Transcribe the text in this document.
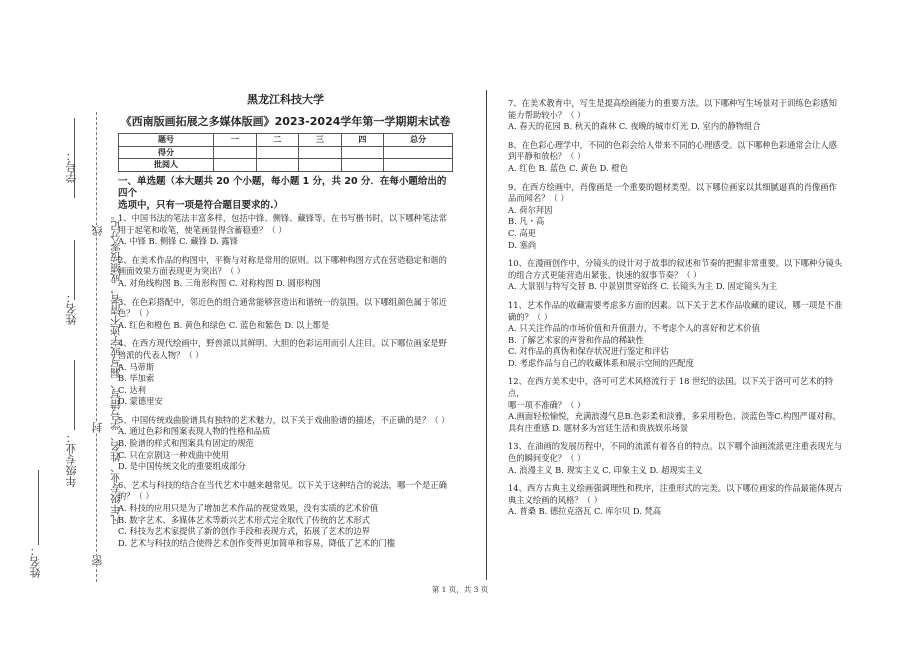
学号：
姓名：
年级专业：
姓名：
凡年级专业、姓名、学号错写、漏写或字迹不清者，成绩按零分记。
密
封
线
黑龙江科技大学
《西南版画拓展之多媒体版画》2023-2024学年第一学期期末试卷
题号	一	二	三	四	总分
得分					
批阅人					
一、单选题（本大题共 20 个小题，每小题 1 分，共 20 分．在每小题给出的四个
选项中，只有一项是符合题目要求的.）
1、中国书法的笔法丰富多样，包括中锋、侧锋、藏锋等。在书写楷书时，以下哪种笔法常
用于起笔和收笔，使笔画显得含蓄稳重？（ ）
A. 中锋 B. 侧锋 C. 藏锋 D. 露锋
2、在美术作品的构图中，平衡与对称是常用的原则。以下哪种构图方式在营造稳定和谐的
画面效果方面表现更为突出？（ ）
A. 对角线构图 B. 三角形构图 C. 对称构图 D. 圆形构图
3、在色彩搭配中，邻近色的组合通常能够营造出和谐统一的氛围。以下哪组颜色属于邻近
色？（ ）
A. 红色和橙色 B. 黄色和绿色 C. 蓝色和紫色 D. 以上都是
4、在西方现代绘画中，野兽派以其鲜明、大胆的色彩运用而引人注目。以下哪位画家是野
兽派的代表人物？（ ）
A. 马蒂斯
B. 毕加索
C. 达利
D. 蒙德里安
5、中国传统戏曲脸谱具有独特的艺术魅力，以下关于戏曲脸谱的描述，不正确的是？（ ）
A. 通过色彩和图案表现人物的性格和品质
B. 脸谱的样式和图案具有固定的规范
C. 只在京剧这一种戏曲中使用
D. 是中国传统文化的重要组成部分
6、艺术与科技的结合在当代艺术中越来越常见。以下关于这种结合的说法，哪一个是正确
的？（ ）
A. 科技的应用只是为了增加艺术作品的视觉效果，没有实质的艺术价值
B. 数字艺术、多媒体艺术等新兴艺术形式完全取代了传统的艺术形式
C. 科技为艺术家提供了新的创作手段和表现方式，拓展了艺术的边界
D. 艺术与科技的结合使得艺术创作变得更加简单和容易，降低了艺术的门槛
7、在美术教育中，写生是提高绘画能力的重要方法。以下哪种写生场景对于训练色彩感知
能力帮助较小？（ ）
A. 春天的花园 B. 秋天的森林 C. 夜晚的城市灯光 D. 室内的静物组合
8、在色彩心理学中，不同的色彩会给人带来不同的心理感受。以下哪种色彩通常会让人感
到平静和放松？（ ）
A. 红色 B. 蓝色 C. 黄色 D. 橙色
9、在西方绘画中，肖像画是一个重要的题材类型。以下哪位画家以其细腻逼真的肖像画作
品而闻名？（ ）
A. 荷尔拜因
B. 凡・高
C. 高更
D. 塞尚
10、在漫画创作中，分镜头的设计对于故事的叙述和节奏的把握非常重要。以下哪种分镜头
的组合方式更能营造出紧张、快速的叙事节奏？（ ）
A. 大景别与特写交替 B. 中景别贯穿始终 C. 长镜头为主 D. 固定镜头为主
11、艺术作品的收藏需要考虑多方面的因素。以下关于艺术作品收藏的建议，哪一项是不准
确的？（ ）
A. 只关注作品的市场价值和升值潜力，不考虑个人的喜好和艺术价值
B. 了解艺术家的声誉和作品的稀缺性
C. 对作品的真伪和保存状况进行鉴定和评估
D. 考虑作品与自己的收藏体系和展示空间的匹配度
12、在西方美术史中，洛可可艺术风格流行于 18 世纪的法国。以下关于洛可可艺术的特点，
哪一项不准确？（ ）
A.画面轻松愉悦，充满浪漫气息B.色彩柔和淡雅，多采用粉色、淡蓝色等C.构图严谨对称，
具有庄重感 D. 题材多为宫廷生活和贵族娱乐场景
13、在油画的发展历程中，不同的流派有着各自的特点。以下哪个油画流派更注重表现光与
色的瞬间变化？（ ）
A. 浪漫主义 B. 现实主义 C. 印象主义 D. 超现实主义
14、西方古典主义绘画强调理性和秩序，注重形式的完美。以下哪位画家的作品最能体现古
典主义绘画的风格？（ ）
A. 普桑 B. 德拉克洛瓦 C. 库尔贝 D. 梵高
第 1 页，共 3 页
